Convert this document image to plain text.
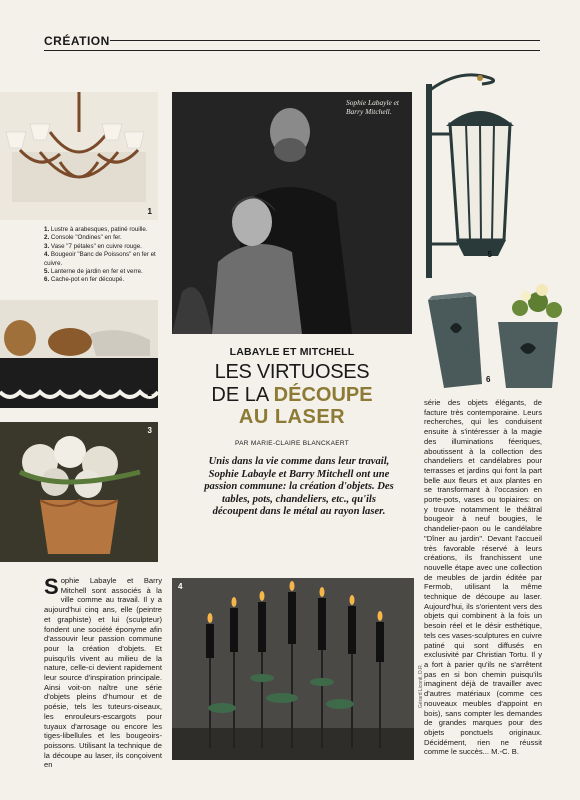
CRÉATION
1
1. Lustre à arabesques, patiné rouille.
2. Console "Ondines" en fer.
3. Vase "7 pétales" en cuivre rouge.
4. Bougeoir "Banc de Poissons" en fer et cuivre.
5. Lanterne de jardin en fer et verre.
6. Cache-pot en fer découpé.
2
3
Sophie Labayle et Barry Mitchell.
5
6
LABAYLE ET MITCHELL
LES VIRTUOSES
DE LA DÉCOUPE
AU LASER
PAR MARIE-CLAIRE BLANCKAERT
Unis dans la vie comme dans leur travail, Sophie Labayle et Barry Mitchell ont une passion commune: la création d'objets. Des tables, pots, chandeliers, etc., qu'ils découpent dans le métal au rayon laser.
Sophie Labayle et Barry Mitchell sont associés à la ville comme au travail. Il y a aujourd'hui cinq ans, elle (peintre et graphiste) et lui (sculpteur) fondent une société éponyme afin d'assouvir leur passion commune pour la création d'objets. Et puisqu'ils vivent au milieu de la nature, celle-ci devient rapidement leur source d'inspiration principale. Ainsi voit-on naître une série d'objets pleins d'humour et de poésie, tels les tuteurs-oiseaux, les enrouleurs-escargots pour tuyaux d'arrosage ou encore les tiges-libellules et les bougeoirs-poissons. Utilisant la technique de la découpe au laser, ils conçoivent en
série des objets élégants, de facture très contemporaine. Leurs recherches, qui les conduisent ensuite à s'intéresser à la magie des illuminations féeriques, aboutissent à la collection des chandeliers et candélabres pour terrasses et jardins qui font la part belle aux fleurs et aux plantes en se transformant à l'occasion en porte-pots, vases ou topiaires: on y trouve notamment le théâtral bougeoir à neuf bougies, le chandelier-paon ou le candélabre "Dîner au jardin". Devant l'accueil très favorable réservé à leurs créations, ils franchissent une nouvelle étape avec une collection de meubles de jardin éditée par Fermob, utilisant la même technique de découpe au laser. Aujourd'hui, ils s'orientent vers des objets qui combinent à la fois un besoin réel et le désir esthétique, tels ces vases-sculptures en cuivre patiné qui sont diffusés en exclusivité par Christian Tortu. Il y a fort à parier qu'ils ne s'arrêtent pas en si bon chemin puisqu'ils imaginent déjà de travailler avec d'autres matériaux (comme ces nouveaux meubles d'appoint en bois), sans compter les demandes de grandes marques pour des objets ponctuels originaux. Décidément, rien ne réussit comme le succès... M.-C. B.
4
Gérard Liconti, D.R.
